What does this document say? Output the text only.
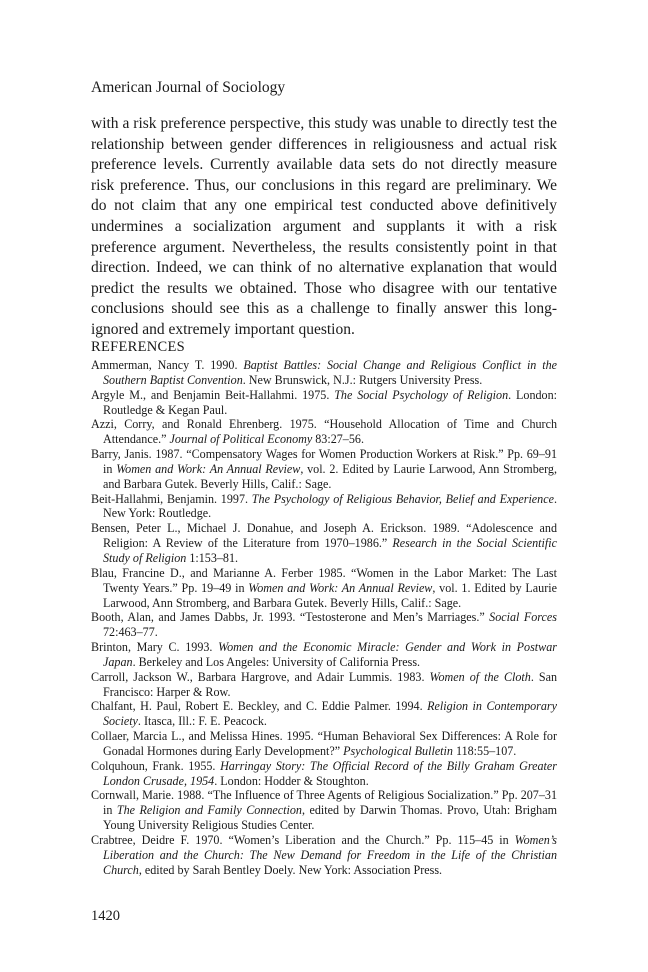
American Journal of Sociology
with a risk preference perspective, this study was unable to directly test the relationship between gender differences in religiousness and actual risk preference levels. Currently available data sets do not directly measure risk preference. Thus, our conclusions in this regard are preliminary. We do not claim that any one empirical test conducted above definitively undermines a socialization argument and supplants it with a risk preference argument. Nevertheless, the results consistently point in that direction. Indeed, we can think of no alternative explanation that would predict the results we obtained. Those who disagree with our tentative conclusions should see this as a challenge to finally answer this long-ignored and extremely important question.
REFERENCES

Ammerman, Nancy T. 1990. Baptist Battles: Social Change and Religious Conflict in the Southern Baptist Convention. New Brunswick, N.J.: Rutgers University Press.

Argyle M., and Benjamin Beit-Hallahmi. 1975. The Social Psychology of Religion. London: Routledge & Kegan Paul.

Azzi, Corry, and Ronald Ehrenberg. 1975. “Household Allocation of Time and Church Attendance.” Journal of Political Economy 83:27–56.

Barry, Janis. 1987. “Compensatory Wages for Women Production Workers at Risk.” Pp. 69–91 in Women and Work: An Annual Review, vol. 2. Edited by Laurie Larwood, Ann Stromberg, and Barbara Gutek. Beverly Hills, Calif.: Sage.

Beit-Hallahmi, Benjamin. 1997. The Psychology of Religious Behavior, Belief and Experience. New York: Routledge.

Bensen, Peter L., Michael J. Donahue, and Joseph A. Erickson. 1989. “Adolescence and Religion: A Review of the Literature from 1970–1986.” Research in the Social Scientific Study of Religion 1:153–81.

Blau, Francine D., and Marianne A. Ferber 1985. “Women in the Labor Market: The Last Twenty Years.” Pp. 19–49 in Women and Work: An Annual Review, vol. 1. Edited by Laurie Larwood, Ann Stromberg, and Barbara Gutek. Beverly Hills, Calif.: Sage.

Booth, Alan, and James Dabbs, Jr. 1993. “Testosterone and Men’s Marriages.” Social Forces 72:463–77.

Brinton, Mary C. 1993. Women and the Economic Miracle: Gender and Work in Postwar Japan. Berkeley and Los Angeles: University of California Press.

Carroll, Jackson W., Barbara Hargrove, and Adair Lummis. 1983. Women of the Cloth. San Francisco: Harper & Row.

Chalfant, H. Paul, Robert E. Beckley, and C. Eddie Palmer. 1994. Religion in Contemporary Society. Itasca, Ill.: F. E. Peacock.

Collaer, Marcia L., and Melissa Hines. 1995. “Human Behavioral Sex Differences: A Role for Gonadal Hormones during Early Development?” Psychological Bulletin 118:55–107.

Colquhoun, Frank. 1955. Harringay Story: The Official Record of the Billy Graham Greater London Crusade, 1954. London: Hodder & Stoughton.

Cornwall, Marie. 1988. “The Influence of Three Agents of Religious Socialization.” Pp. 207–31 in The Religion and Family Connection, edited by Darwin Thomas. Provo, Utah: Brigham Young University Religious Studies Center.

Crabtree, Deidre F. 1970. “Women’s Liberation and the Church.” Pp. 115–45 in Women’s Liberation and the Church: The New Demand for Freedom in the Life of the Christian Church, edited by Sarah Bentley Doely. New York: Association Press.

1420
